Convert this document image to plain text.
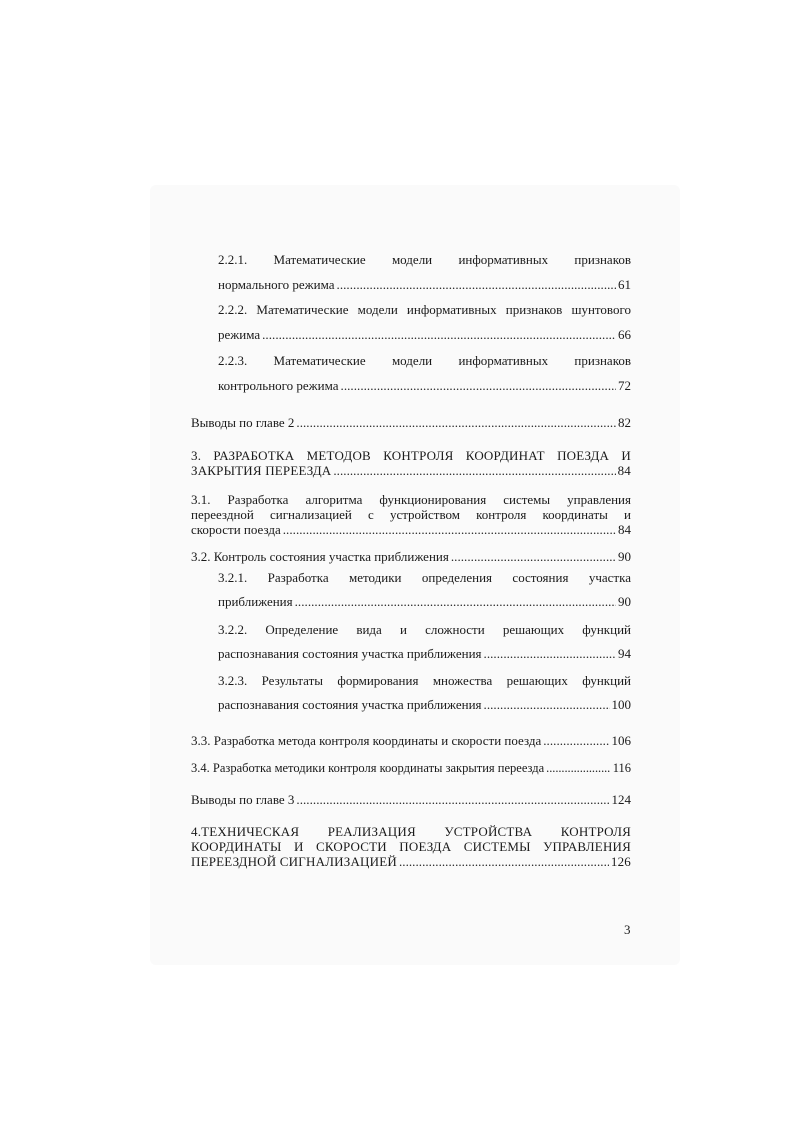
2.2.1. Математические модели информативных признаков
нормального режима . . .	61
2.2.2. Математические модели информативных признаков шунтового
режима . . .	66
2.2.3. Математические модели информативных признаков
контрольного режима . . .	72
Выводы по главе 2 . . .	82
3. РАЗРАБОТКА МЕТОДОВ КОНТРОЛЯ КООРДИНАТ ПОЕЗДА И
ЗАКРЫТИЯ ПЕРЕЕЗДА . . .	84
3.1. Разработка алгоритма функционирования системы управления
переездной сигнализацией с устройством контроля координаты и
скорости поезда . . .	84
3.2. Контроль состояния участка приближения . . .	90
3.2.1. Разработка методики определения состояния участка
приближения . . .	90
3.2.2. Определение вида и сложности решающих функций
распознавания состояния участка приближения . . .	94
3.2.3. Результаты формирования множества решающих функций
распознавания состояния участка приближения . . .	100
3.3. Разработка метода контроля координаты и скорости поезда . . .	106
3.4. Разработка методики контроля координаты закрытия переезда . . .	116
Выводы по главе 3 . . .	124
4.ТЕХНИЧЕСКАЯ РЕАЛИЗАЦИЯ УСТРОЙСТВА КОНТРОЛЯ
КООРДИНАТЫ И СКОРОСТИ ПОЕЗДА СИСТЕМЫ УПРАВЛЕНИЯ
ПЕРЕЕЗДНОЙ СИГНАЛИЗАЦИЕЙ . . .	126
3
